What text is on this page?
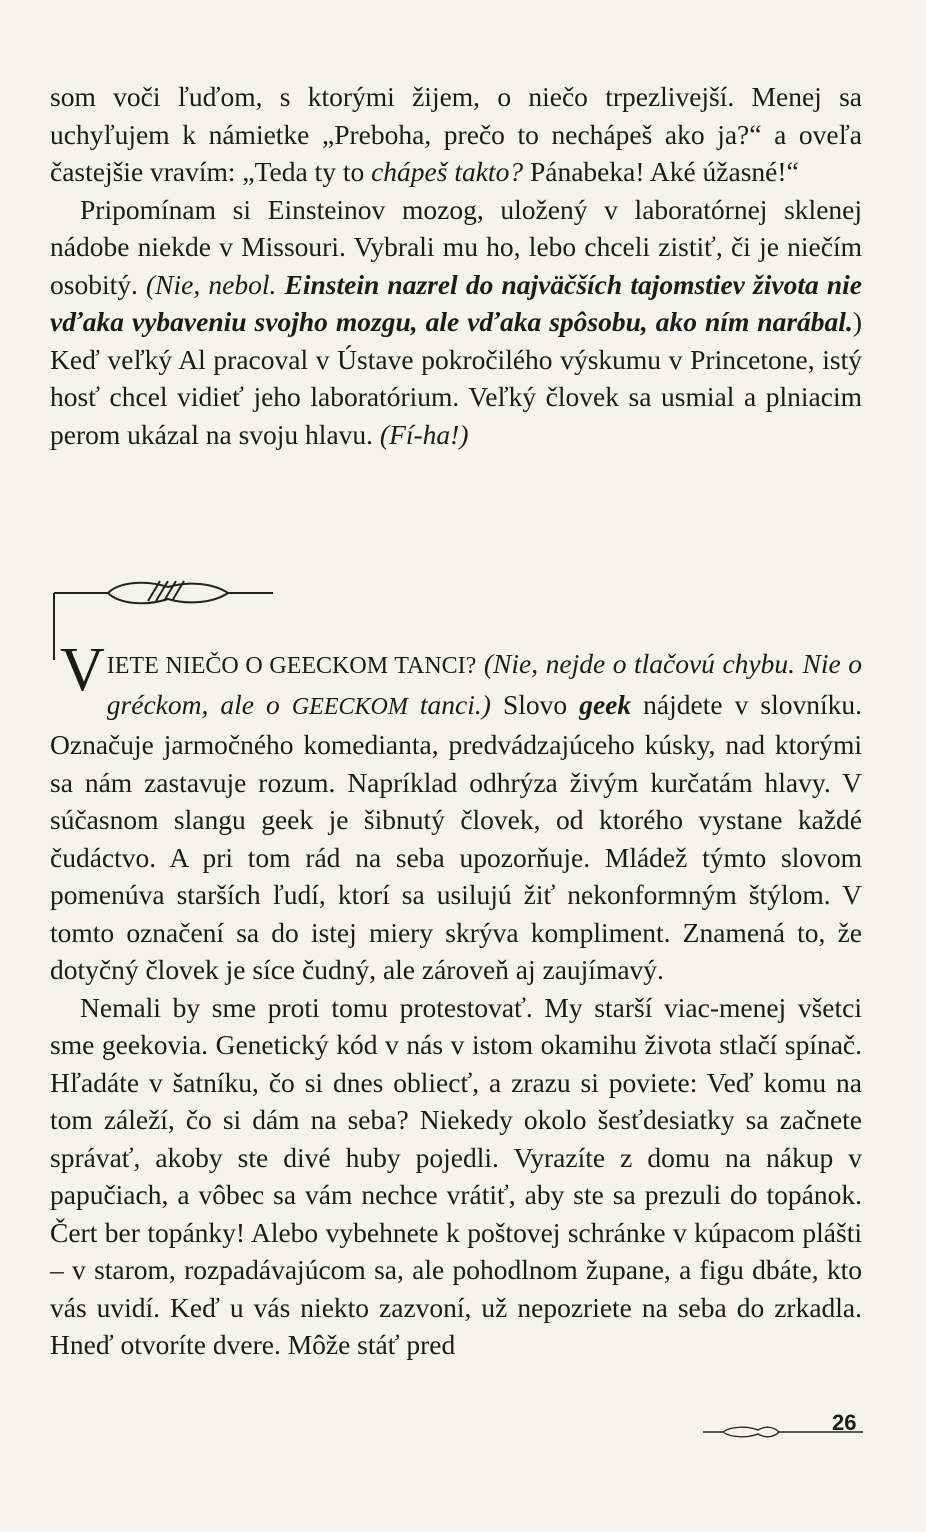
som voči ľuďom, s ktorými žijem, o niečo trpezlivejší. Menej sa uchyľujem k námietke „Preboha, prečo to nechápeš ako ja?“ a oveľa častejšie vravím: „Teda ty to chápeš takto? Pánabeka! Aké úžasné!“

Pripomínam si Einsteinov mozog, uložený v laboratórnej sklenej nádobe niekde v Missouri. Vybrali mu ho, lebo chceli zistiť, či je niečím osobitý. (Nie, nebol. Einstein nazrel do najväčších tajomstiev života nie vďaka vybaveniu svojho mozgu, ale vďaka spôsobu, ako ním narábal.) Keď veľký Al pracoval v Ústave pokročilého výskumu v Princetone, istý hosť chcel vidieť jeho laboratórium. Veľký človek sa usmial a plniacim perom ukázal na svoju hlavu. (Fí-ha!)

VIETE NIEČO O GEECKOM TANCI? (Nie, nejde o tlačovú chybu. Nie o gréckom, ale o GEECKOM tanci.) Slovo geek nájdete v slovníku. Označuje jarmočného komedianta, predvádzajúceho kúsky, nad ktorými sa nám zastavuje rozum. Napríklad odhrýza živým kurčatám hlavy. V súčasnom slangu geek je šibnutý človek, od ktorého vystane každé čudáctvo. A pri tom rád na seba upozorňuje. Mládež týmto slovom pomenúva starších ľudí, ktorí sa usilujú žiť nekonformným štýlom. V tomto označení sa do istej miery skrýva kompliment. Znamená to, že dotyčný človek je síce čudný, ale zároveň aj zaujímavý.

Nemali by sme proti tomu protestovať. My starší viac-menej všetci sme geekovia. Genetický kód v nás v istom okamihu života stlačí spínač. Hľadáte v šatníku, čo si dnes obliecť, a zrazu si poviete: Veď komu na tom záleží, čo si dám na seba? Niekedy okolo šesťdesiatky sa začnete správať, akoby ste divé huby pojedli. Vyrazíte z domu na nákup v papučiach, a vôbec sa vám nechce vrátiť, aby ste sa prezuli do topánok. Čert ber topánky! Alebo vybehnete k poštovej schránke v kúpacom plášti – v starom, rozpadávajúcom sa, ale pohodlnom župane, a figu dbáte, kto vás uvidí. Keď u vás niekto zazvoní, už nepozriete na seba do zrkadla. Hneď otvoríte dvere. Môže stáť pred

26
